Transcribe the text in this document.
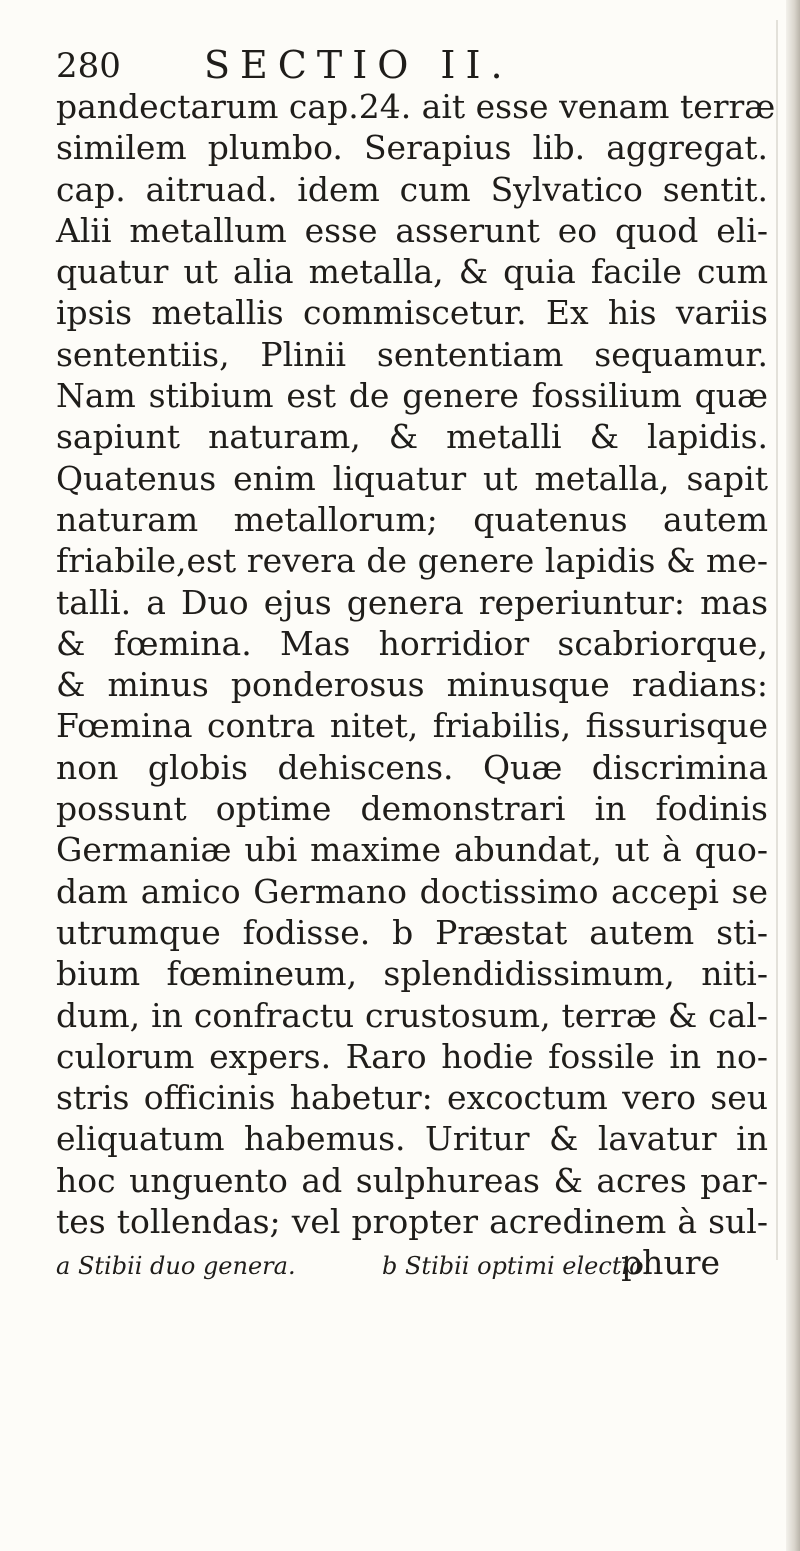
280 SECTIO II.
pandectarum cap.24. ait esse venam terræ
similem plumbo. Serapius lib. aggregat.
cap. aitruad. idem cum Sylvatico sentit.
Alii metallum esse asserunt eo quod eli-
quatur ut alia metalla, & quia facile cum
ipsis metallis commiscetur. Ex his variis
sententiis, Plinii sententiam sequamur.
Nam stibium est de genere fossilium quæ
sapiunt naturam, & metalli & lapidis.
Quatenus enim liquatur ut metalla, sapit
naturam metallorum; quatenus autem
friabile,est revera de genere lapidis & me-
talli. a Duo ejus genera reperiuntur: mas
& fœmina. Mas horridior scabriorque,
& minus ponderosus minusque radians:
Fœmina contra nitet, friabilis, fissurisque
non globis dehiscens. Quæ discrimina
possunt optime demonstrari in fodinis
Germaniæ ubi maxime abundat, ut à quo-
dam amico Germano doctissimo accepi se
utrumque fodisse. b Præstat autem sti-
bium fœmineum, splendidissimum, niti-
dum, in confractu crustosum, terræ & cal-
culorum expers. Raro hodie fossile in no-
stris officinis habetur: excoctum vero seu
eliquatum habemus. Uritur & lavatur in
hoc unguento ad sulphureas & acres par-
tes tollendas; vel propter acredinem à sul-
phure
a Stibii duo genera.	b Stibii optimi electio.
